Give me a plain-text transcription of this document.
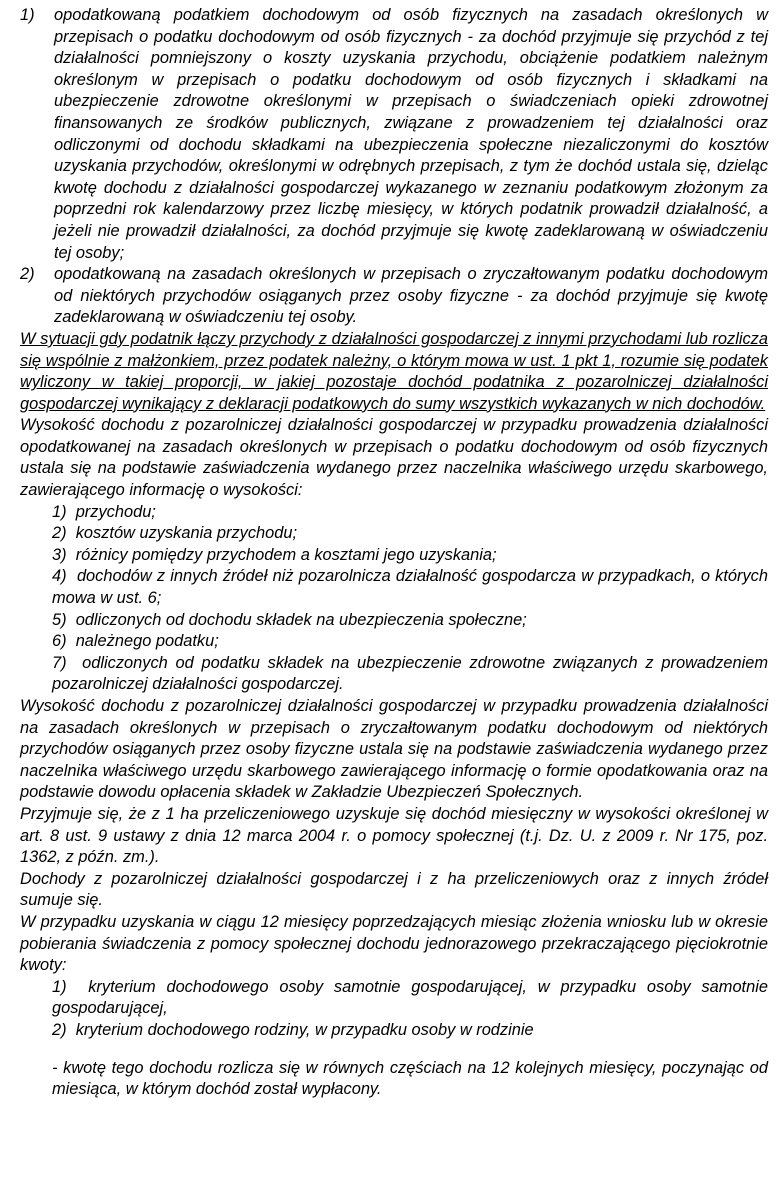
1) opodatkowaną podatkiem dochodowym od osób fizycznych na zasadach określonych w przepisach o podatku dochodowym od osób fizycznych - za dochód przyjmuje się przychód z tej działalności pomniejszony o koszty uzyskania przychodu, obciążenie podatkiem należnym określonym w przepisach o podatku dochodowym od osób fizycznych i składkami na ubezpieczenie zdrowotne określonymi w przepisach o świadczeniach opieki zdrowotnej finansowanych ze środków publicznych, związane z prowadzeniem tej działalności oraz odliczonymi od dochodu składkami na ubezpieczenia społeczne niezaliczonymi do kosztów uzyskania przychodów, określonymi w odrębnych przepisach, z tym że dochód ustala się, dzieląc kwotę dochodu z działalności gospodarczej wykazanego w zeznaniu podatkowym złożonym za poprzedni rok kalendarzowy przez liczbę miesięcy, w których podatnik prowadził działalność, a jeżeli nie prowadził działalności, za dochód przyjmuje się kwotę zadeklarowaną w oświadczeniu tej osoby;

2) opodatkowaną na zasadach określonych w przepisach o zryczałtowanym podatku dochodowym od niektórych przychodów osiąganych przez osoby fizyczne - za dochód przyjmuje się kwotę zadeklarowaną w oświadczeniu tej osoby.

W sytuacji gdy podatnik łączy przychody z działalności gospodarczej z innymi przychodami lub rozlicza się wspólnie z małżonkiem, przez podatek należny, o którym mowa w ust. 1 pkt 1, rozumie się podatek wyliczony w takiej proporcji, w jakiej pozostaje dochód podatnika z pozarolniczej działalności gospodarczej wynikający z deklaracji podatkowych do sumy wszystkich wykazanych w nich dochodów.

Wysokość dochodu z pozarolniczej działalności gospodarczej w przypadku prowadzenia działalności opodatkowanej na zasadach określonych w przepisach o podatku dochodowym od osób fizycznych ustala się na podstawie zaświadczenia wydanego przez naczelnika właściwego urzędu skarbowego, zawierającego informację o wysokości:

1) przychodu;

2) kosztów uzyskania przychodu;

3) różnicy pomiędzy przychodem a kosztami jego uzyskania;

4) dochodów z innych źródeł niż pozarolnicza działalność gospodarcza w przypadkach, o których mowa w ust. 6;

5) odliczonych od dochodu składek na ubezpieczenia społeczne;

6) należnego podatku;

7) odliczonych od podatku składek na ubezpieczenie zdrowotne związanych z prowadzeniem pozarolniczej działalności gospodarczej.

Wysokość dochodu z pozarolniczej działalności gospodarczej w przypadku prowadzenia działalności na zasadach określonych w przepisach o zryczałtowanym podatku dochodowym od niektórych przychodów osiąganych przez osoby fizyczne ustala się na podstawie zaświadczenia wydanego przez naczelnika właściwego urzędu skarbowego zawierającego informację o formie opodatkowania oraz na podstawie dowodu opłacenia składek w Zakładzie Ubezpieczeń Społecznych.

Przyjmuje się, że z 1 ha przeliczeniowego uzyskuje się dochód miesięczny w wysokości określonej w art. 8 ust. 9 ustawy z dnia 12 marca 2004 r. o pomocy społecznej (t.j. Dz. U. z 2009 r. Nr 175, poz. 1362, z późn. zm.).

Dochody z pozarolniczej działalności gospodarczej i z ha przeliczeniowych oraz z innych źródeł sumuje się.

W przypadku uzyskania w ciągu 12 miesięcy poprzedzających miesiąc złożenia wniosku lub w okresie pobierania świadczenia z pomocy społecznej dochodu jednorazowego przekraczającego pięciokrotnie kwoty:

1) kryterium dochodowego osoby samotnie gospodarującej, w przypadku osoby samotnie gospodarującej,

2) kryterium dochodowego rodziny, w przypadku osoby w rodzinie

- kwotę tego dochodu rozlicza się w równych częściach na 12 kolejnych miesięcy, poczynając od miesiąca, w którym dochód został wypłacony.
